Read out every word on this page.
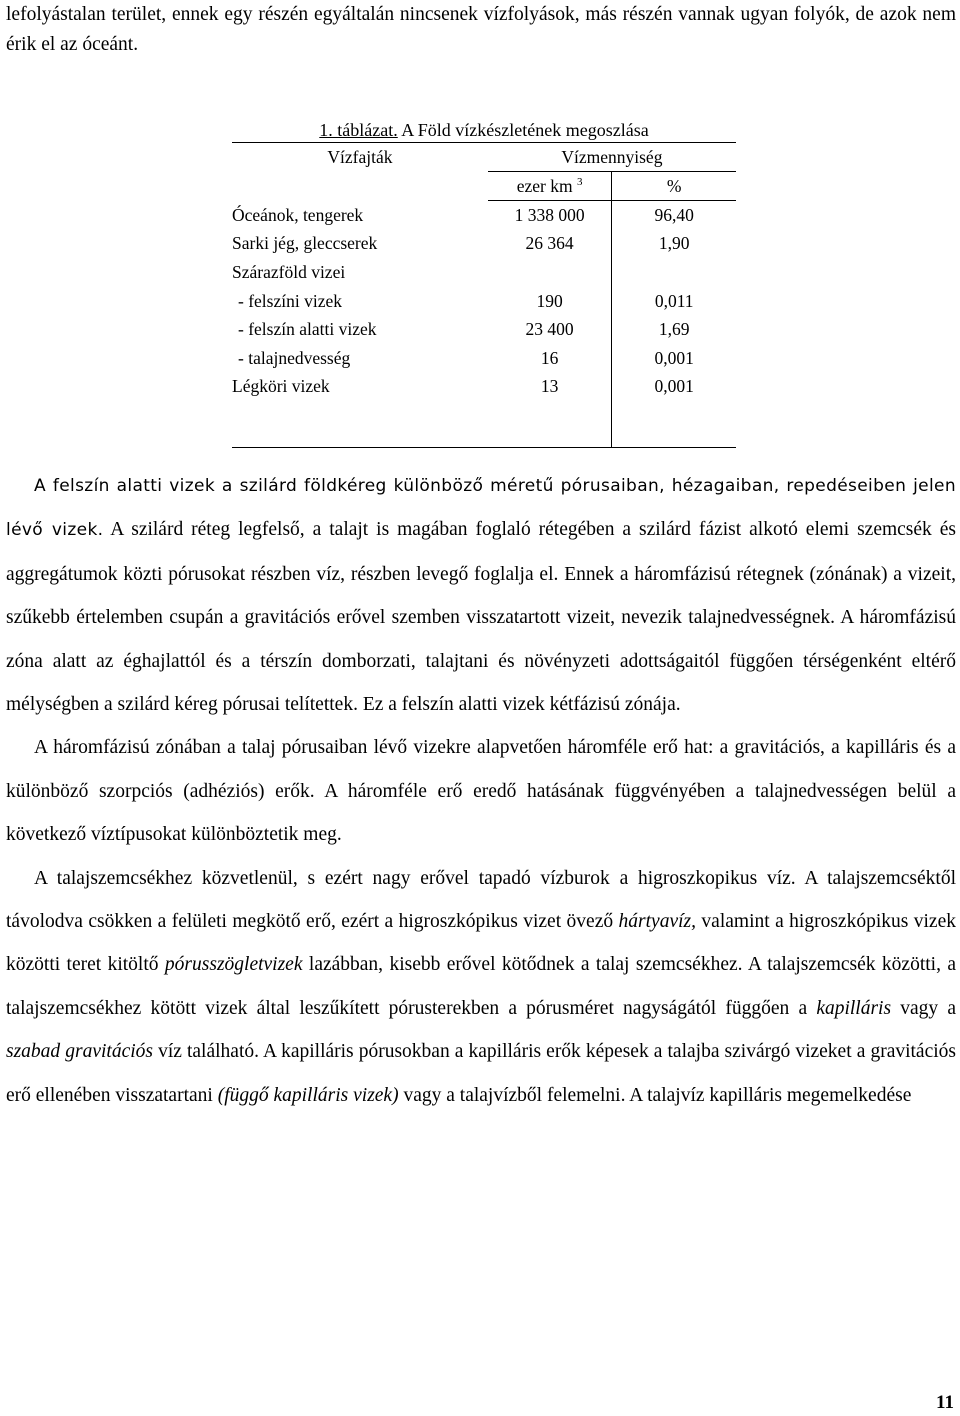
lefolyástalan terület, ennek egy részén egyáltalán nincsenek vízfolyások, más részén vannak ugyan folyók, de azok nem érik el az óceánt.
1. táblázat. A Föld vízkészletének megoszlása
Vízfajták	Vízmennyiség	
	ezer km $^3$	%
Óceánok, tengerek	1 338 000	96,40
Sarki jég, gleccserek	26 364	1,90
Szárazföld vizei		
- felszíni vizek	190	0,011
- felszín alatti vizek	23 400	1,69
- talajnedvesség	16	0,001
Légköri vizek	13	0,001

A felszín alatti vizek a szilárd földkéreg különböző méretű pórusaiban, hézagaiban, repedéseiben jelen lévő vizek. A szilárd réteg legfelső, a talajt is magában foglaló rétegében a szilárd fázist alkotó elemi szemcsék és aggregátumok közti pórusokat részben víz, részben levegő foglalja el. Ennek a háromfázisú rétegnek (zónának) a vizeit, szűkebb értelemben csupán a gravitációs erővel szemben visszatartott vizeit, nevezik talajnedvességnek. A háromfázisú zóna alatt az éghajlattól és a térszín domborzati, talajtani és növényzeti adottságaitól függően térségenként eltérő mélységben a szilárd kéreg pórusai telítettek. Ez a felszín alatti vizek kétfázisú zónája.

A háromfázisú zónában a talaj pórusaiban lévő vizekre alapvetően háromféle erő hat: a gravitációs, a kapilláris és a különböző szorpciós (adhéziós) erők. A háromféle erő eredő hatásának függvényében a talajnedvességen belül a következő víztípusokat különböztetik meg.

A talajszemcsékhez közvetlenül, s ezért nagy erővel tapadó vízburok a higroszkopikus víz. A talajszemcséktől távolodva csökken a felületi megkötő erő, ezért a higroszkópikus vizet övező hártyavíz, valamint a higroszkópikus vizek közötti teret kitöltő pórusszögletvizek lazábban, kisebb erővel kötődnek a talaj szemcsékhez. A talajszemcsék közötti, a talajszemcsékhez kötött vizek által leszűkített pórusterekben a pórusméret nagyságától függően a kapilláris vagy a szabad gravitációs víz található. A kapilláris pórusokban a kapilláris erők képesek a talajba szivárgó vizeket a gravitációs erő ellenében visszatartani (függő kapilláris vizek) vagy a talajvízből felemelni. A talajvíz kapilláris megemelkedése

11
